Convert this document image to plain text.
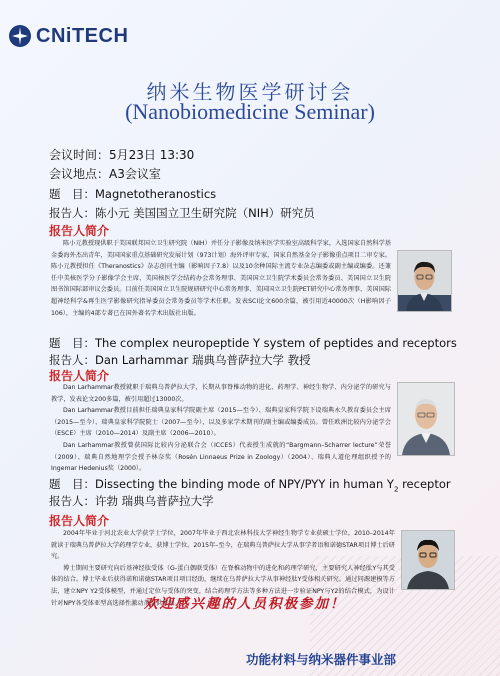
CNiTECH
纳米生物医学研讨会
(Nanobiomedicine Seminar)
会议时间：5月23日 13:30
会议地点：A3会议室
题　目：Magnetotheranostics
报告人：陈小元 美国国立卫生研究院（NIH）研究员
报告人简介
陈小元教授现供职于美国联邦国立卫生研究院（NIH）并任分子影像及纳米医学实验室高级科学家，入选国家自然科学基金委海外杰出青年，美国国家重点基础研究发展计划（973计划）海外评审专家，国家自然基金分子影像重点项目二审专家。陈小元教授担任《Theranostics》杂志创刊主编（影响因子7.8）以及10余种国际主流专业杂志编委或副主编或编委。还兼任中美核医学分子影像学会主席、美国核医学会结药办会常务理事、美国国立卫生院学术委员会常务委员、美国国立卫生院图书馆国际部审议会委员。目前任美国国立卫生院规研研究中心常务理事、美国国立卫生院PET研究中心常务理事、美国国际超神经科学&再生医学影像研究指导委员会常务委员等学术任职。发表SCI论文600余篇，被引用近40000次（H影响因子106），主编的4部专著已在国外著名学术出版社出版。
题　目：The complex neuropeptide Y system of peptides and receptors
报告人：Dan Larhammar 瑞典乌普萨拉大学 教授
报告人简介

Dan Larhammar教授就职于瑞典乌普萨拉大学，长期从事脊椎动物的进化、药理学、神经生物学、内分泌学的研究与教学，发表论文200多篇，被引用超过13000次。

Dan Larhammar教授目前担任瑞典皇家科学院副主席（2015—至今）、瑞典皇家科学院下设瑞典永久教育委员会主席（2015—至今）、瑞典皇家科学院院士（2007—至今），以及多家学术期刊的副主编或编委成员。曾任欧洲比较内分泌学会（ESCE）主席（2010—2014）及副主席（2006—2010）。

Dan Larhammar教授曾获国际比较内分泌联合会（ICCES）代表授生成就的“Bargmann–Scharrer lecture”荣誉（2009）、瑞典自然地理学会授予林奈奖（Rosén Linnaeus Prize in Zoology）（2004）、瑞典人道伦理组织授予的Ingemar Hedenius奖（2000）。

题　目：Dissecting the binding mode of NPY/PYY in human $Y_2$ receptor
报告人：许勃 瑞典乌普萨拉大学
报告人简介

2004年毕业于河北农业大学获学士学位，2007年毕业于西北农林科技大学神经生物学专业获硕士学位。2010–2014年就读于瑞典乌普萨拉大学药理学专业，获博士学位。2015年–至今，在瑞典乌普萨拉大学从事学者语和诺德STAR项目博士后研究。

博士期间主要研究向后基神经肽受体（G-蛋白偶联受体）在脊椎动物中的进化和药理学研究，主要研究人神经肽Y与其受体的结合。博士毕业后获得诺和诺德STAR项目项目经助，继续在乌普萨拉大学从事神经肽Y受体相关研究。通过同源建模等方法，建立NPY Y2受体模型，并通过定位与受体的突变，结合药理学方法等多种方法进一步验证NPY与Y2的结合模式，为设计针对NPY各受体亚型高选择性激动剂提供依据。

欢迎感兴趣的人员积极参加！
功能材料与纳米器件事业部
